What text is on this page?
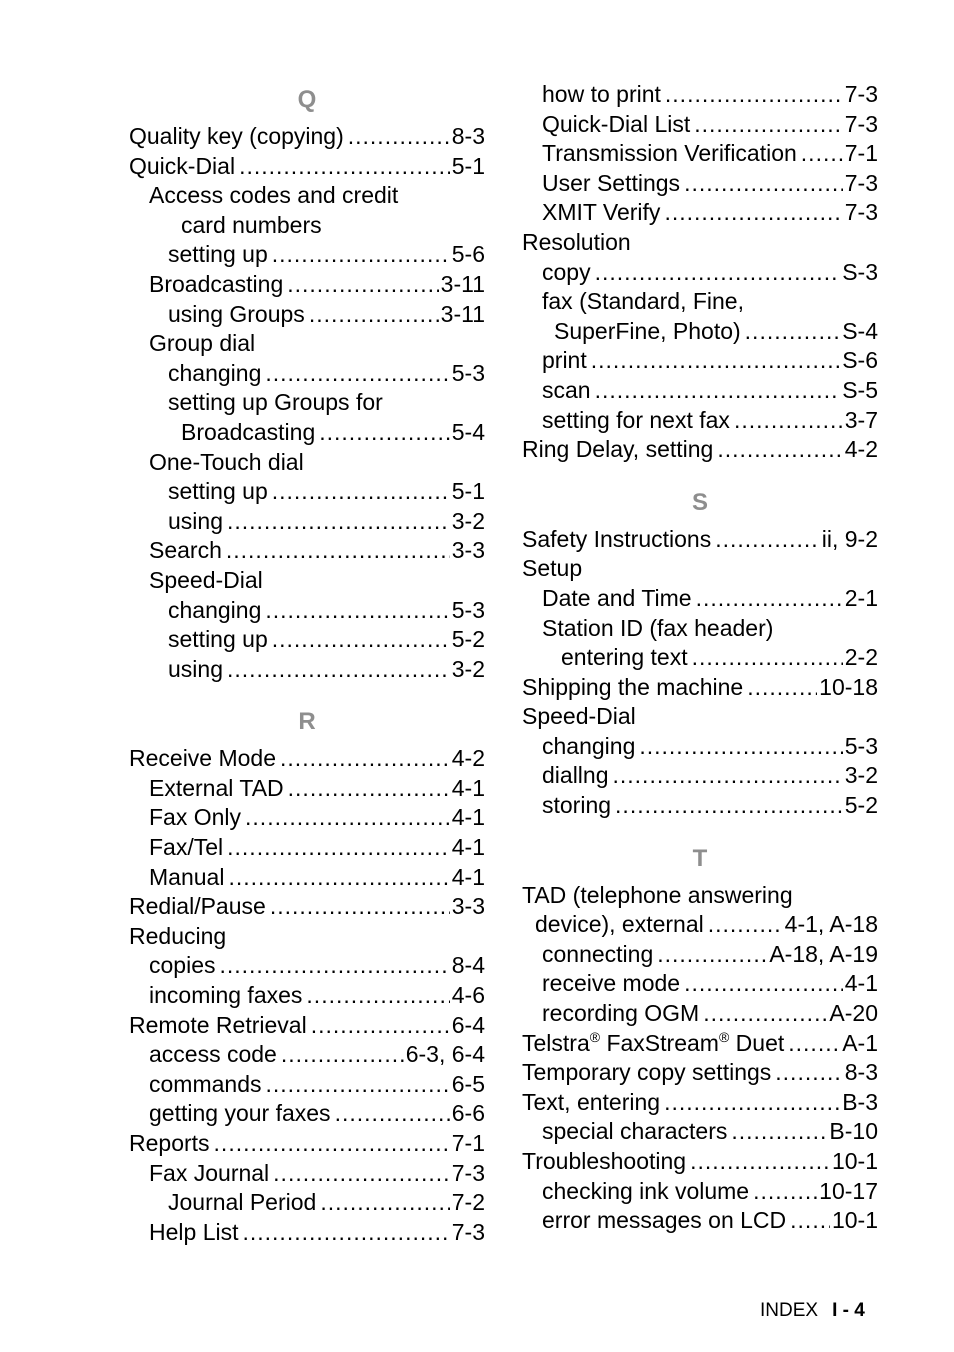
Q
Quality key (copying) .....	8-3
Quick-Dial .....	5-1
Access codes and credit
card numbers
setting up .....	5-6
Broadcasting .....	3-11
using Groups .....	3-11
Group dial
changing .....	5-3
setting up Groups for
Broadcasting .....	5-4
One-Touch dial
setting up .....	5-1
using .....	3-2
Search .....	3-3
Speed-Dial
changing .....	5-3
setting up .....	5-2
using .....	3-2
R
Receive Mode .....	4-2
External TAD .....	4-1
Fax Only .....	4-1
Fax/Tel .....	4-1
Manual .....	4-1
Redial/Pause .....	3-3
Reducing
copies .....	8-4
incoming faxes .....	4-6
Remote Retrieval .....	6-4
access code .....	6-3, 6-4
commands .....	6-5
getting your faxes .....	6-6
Reports .....	7-1
Fax Journal .....	7-3
Journal Period .....	7-2
Help List .....	7-3
how to print .....	7-3
Quick-Dial List .....	7-3
Transmission Verification ..... 7-1
User Settings .....	7-3
XMIT Verify .....	7-3
Resolution
copy .....	S-3
fax (Standard, Fine,
SuperFine, Photo) .....	S-4
print .....	S-6
scan .....	S-5
setting for next fax .....	3-7
Ring Delay, setting .....	4-2
S
Safety Instructions .....	ii, 9-2
Setup
Date and Time .....	2-1
Station ID (fax header)
entering text .....	2-2
Shipping the machine .....	10-18
Speed-Dial
changing .....	5-3
diallng .....	3-2
storing .....	5-2
T
TAD (telephone answering
device), external .....	4-1, A-18
connecting .....	A-18, A-19
receive mode .....	4-1
recording OGM .....	A-20
Telstra® FaxStream® Duet .....	A-1
Temporary copy settings .....	8-3
Text, entering .....	B-3
special characters .....	B-10
Troubleshooting .....	10-1
checking ink volume .....	10-17
error messages on LCD ..... 10-1
INDEX I - 4
